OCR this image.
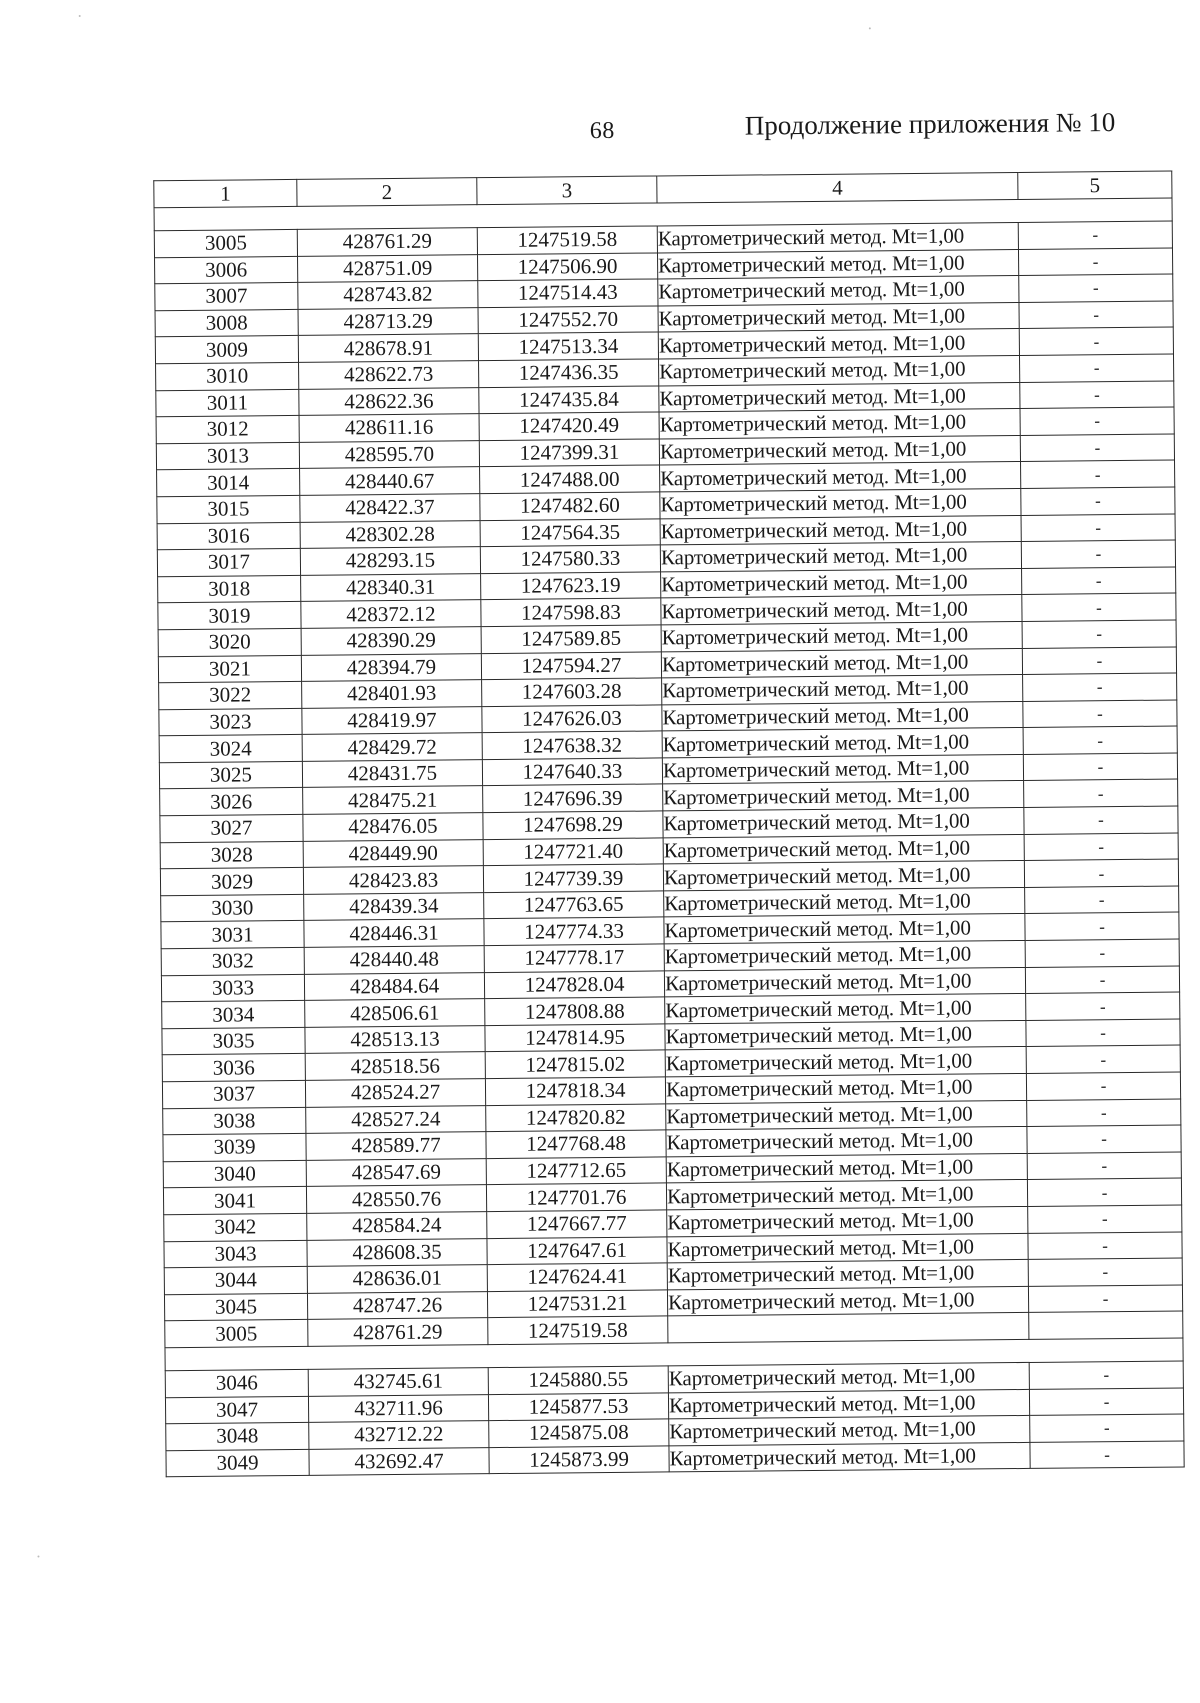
68	Продолжение приложения № 10
1	2	3	4	5

3005	428761.29	1247519.58	Картометрический метод. Mt=1,00	-
3006	428751.09	1247506.90	Картометрический метод. Mt=1,00	-
3007	428743.82	1247514.43	Картометрический метод. Mt=1,00	-
3008	428713.29	1247552.70	Картометрический метод. Mt=1,00	-
3009	428678.91	1247513.34	Картометрический метод. Mt=1,00	-
3010	428622.73	1247436.35	Картометрический метод. Mt=1,00	-
3011	428622.36	1247435.84	Картометрический метод. Mt=1,00	-
3012	428611.16	1247420.49	Картометрический метод. Mt=1,00	-
3013	428595.70	1247399.31	Картометрический метод. Mt=1,00	-
3014	428440.67	1247488.00	Картометрический метод. Mt=1,00	-
3015	428422.37	1247482.60	Картометрический метод. Mt=1,00	-
3016	428302.28	1247564.35	Картометрический метод. Mt=1,00	-
3017	428293.15	1247580.33	Картометрический метод. Mt=1,00	-
3018	428340.31	1247623.19	Картометрический метод. Mt=1,00	-
3019	428372.12	1247598.83	Картометрический метод. Mt=1,00	-
3020	428390.29	1247589.85	Картометрический метод. Mt=1,00	-
3021	428394.79	1247594.27	Картометрический метод. Mt=1,00	-
3022	428401.93	1247603.28	Картометрический метод. Mt=1,00	-
3023	428419.97	1247626.03	Картометрический метод. Mt=1,00	-
3024	428429.72	1247638.32	Картометрический метод. Mt=1,00	-
3025	428431.75	1247640.33	Картометрический метод. Mt=1,00	-
3026	428475.21	1247696.39	Картометрический метод. Mt=1,00	-
3027	428476.05	1247698.29	Картометрический метод. Mt=1,00	-
3028	428449.90	1247721.40	Картометрический метод. Mt=1,00	-
3029	428423.83	1247739.39	Картометрический метод. Mt=1,00	-
3030	428439.34	1247763.65	Картометрический метод. Mt=1,00	-
3031	428446.31	1247774.33	Картометрический метод. Mt=1,00	-
3032	428440.48	1247778.17	Картометрический метод. Mt=1,00	-
3033	428484.64	1247828.04	Картометрический метод. Mt=1,00	-
3034	428506.61	1247808.88	Картометрический метод. Mt=1,00	-
3035	428513.13	1247814.95	Картометрический метод. Mt=1,00	-
3036	428518.56	1247815.02	Картометрический метод. Mt=1,00	-
3037	428524.27	1247818.34	Картометрический метод. Mt=1,00	-
3038	428527.24	1247820.82	Картометрический метод. Mt=1,00	-
3039	428589.77	1247768.48	Картометрический метод. Mt=1,00	-
3040	428547.69	1247712.65	Картометрический метод. Mt=1,00	-
3041	428550.76	1247701.76	Картометрический метод. Mt=1,00	-
3042	428584.24	1247667.77	Картометрический метод. Mt=1,00	-
3043	428608.35	1247647.61	Картометрический метод. Mt=1,00	-
3044	428636.01	1247624.41	Картометрический метод. Mt=1,00	-
3045	428747.26	1247531.21	Картометрический метод. Mt=1,00	-
3005	428761.29	1247519.58		

3046	432745.61	1245880.55	Картометрический метод. Mt=1,00	-
3047	432711.96	1245877.53	Картометрический метод. Mt=1,00	-
3048	432712.22	1245875.08	Картометрический метод. Mt=1,00	-
3049	432692.47	1245873.99	Картометрический метод. Mt=1,00	-
